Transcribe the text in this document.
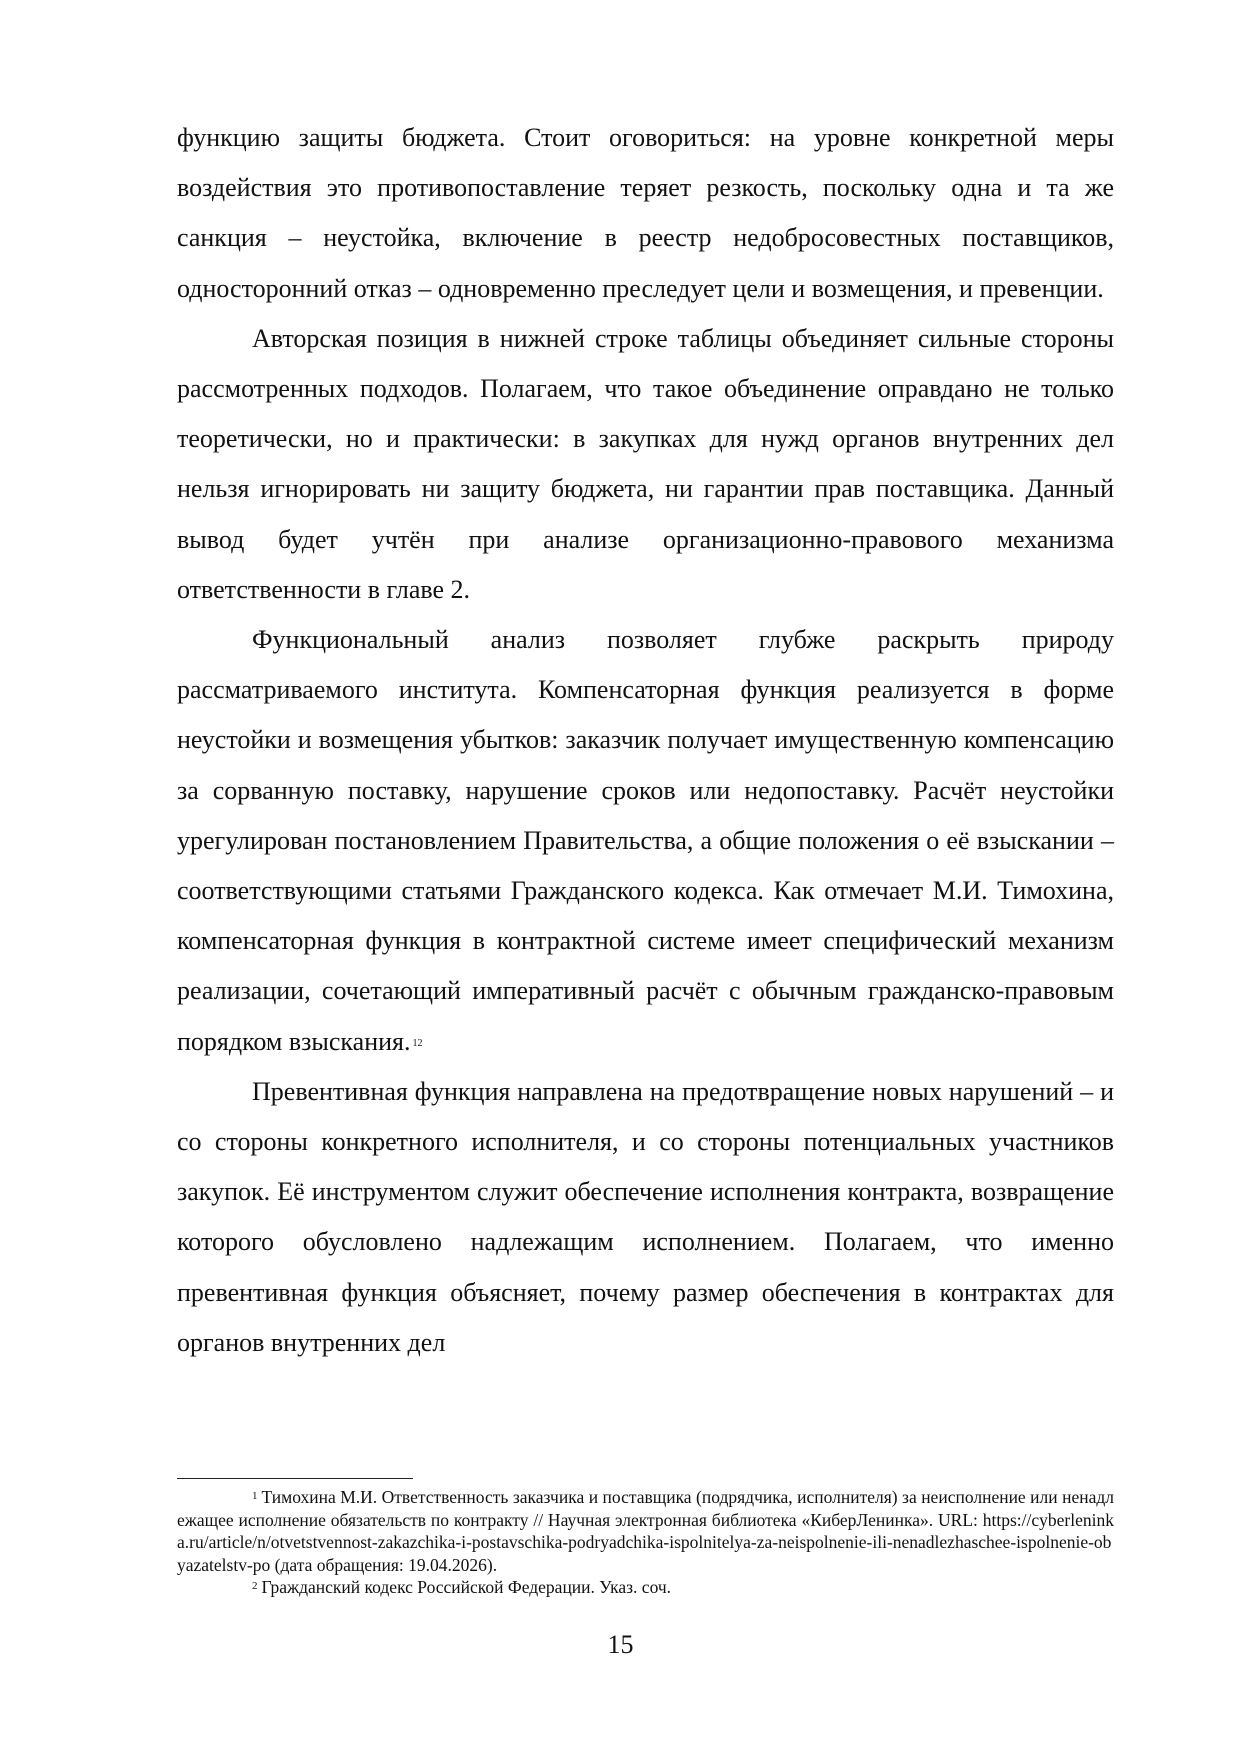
функцию защиты бюджета. Стоит оговориться: на уровне конкретной меры воздействия это противопоставление теряет резкость, поскольку одна и та же санкция – неустойка, включение в реестр недобросовестных поставщиков, односторонний отказ – одновременно преследует цели и возмещения, и превенции.

Авторская позиция в нижней строке таблицы объединяет сильные стороны рассмотренных подходов. Полагаем, что такое объединение оправдано не только теоретически, но и практически: в закупках для нужд органов внутренних дел нельзя игнорировать ни защиту бюджета, ни гарантии прав поставщика. Данный вывод будет учтён при анализе организационно-правового механизма ответственности в главе 2.

Функциональный анализ позволяет глубже раскрыть природу рассматриваемого института. Компенсаторная функция реализуется в форме неустойки и возмещения убытков: заказчик получает имущественную компенсацию за сорванную поставку, нарушение сроков или недопоставку. Расчёт неустойки урегулирован постановлением Правительства, а общие положения о её взыскании – соответствующими статьями Гражданского кодекса. Как отмечает М.И. Тимохина, компенсаторная функция в контрактной системе имеет специфический механизм реализации, сочетающий императивный расчёт с обычным гражданско-правовым порядком взыскания. $^{12}$

Превентивная функция направлена на предотвращение новых нарушений – и со стороны конкретного исполнителя, и со стороны потенциальных участников закупок. Её инструментом служит обеспечение исполнения контракта, возвращение которого обусловлено надлежащим исполнением. Полагаем, что именно превентивная функция объясняет, почему размер обеспечения в контрактах для органов внутренних дел

$^1$ Тимохина М.И. Ответственность заказчика и поставщика (подрядчика, исполнителя) за неисполнение или ненадлежащее исполнение обязательств по контракту // Научная электронная библиотека «КиберЛенинка». URL: https://cyberleninka.ru/article/n/otvetstvennost-zakazchika-i-postavschika-podryadchika-ispolnitelya-za-neispolnenie-ili-nenadlezhaschee-ispolnenie-obyazatelstv-po (дата обращения: 19.04.2026).

$^2$ Гражданский кодекс Российской Федерации. Указ. соч.

15
